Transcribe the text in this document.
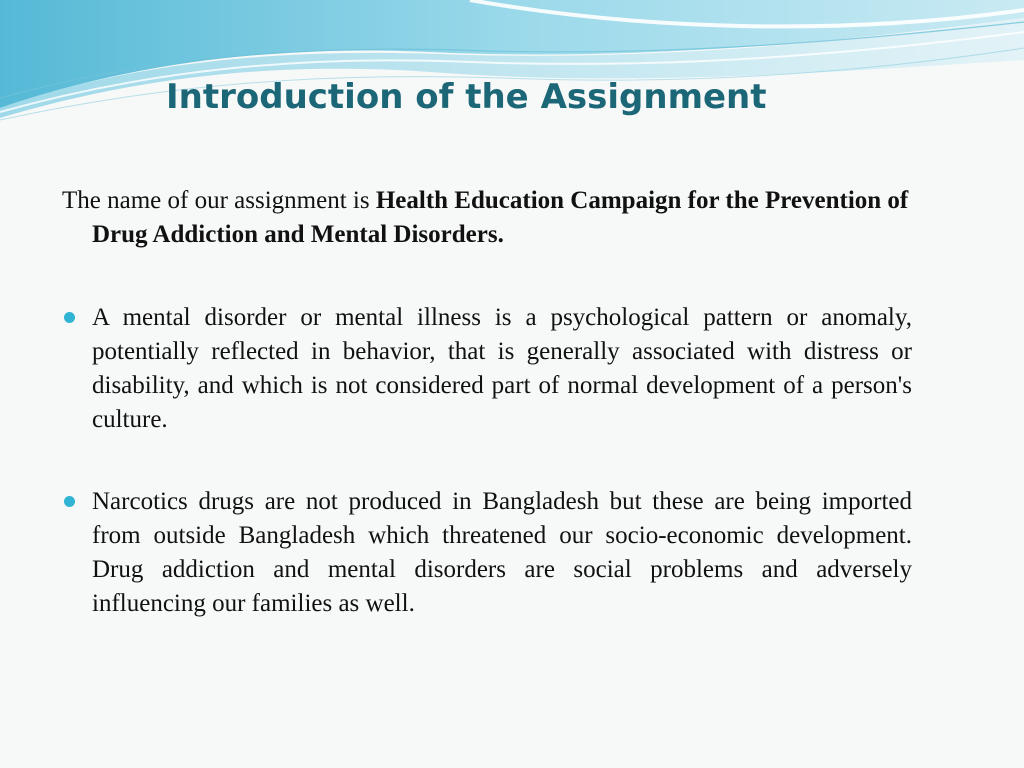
Introduction of the Assignment

The name of our assignment is Health Education Campaign for the Prevention of Drug Addiction and Mental Disorders.

A mental disorder or mental illness is a psychological pattern or anomaly, potentially reflected in behavior, that is generally associated with distress or disability, and which is not considered part of normal development of a person's culture.

Narcotics drugs are not produced in Bangladesh but these are being imported from outside Bangladesh which threatened our socio-economic development. Drug addiction and mental disorders are social problems and adversely influencing our families as well.
